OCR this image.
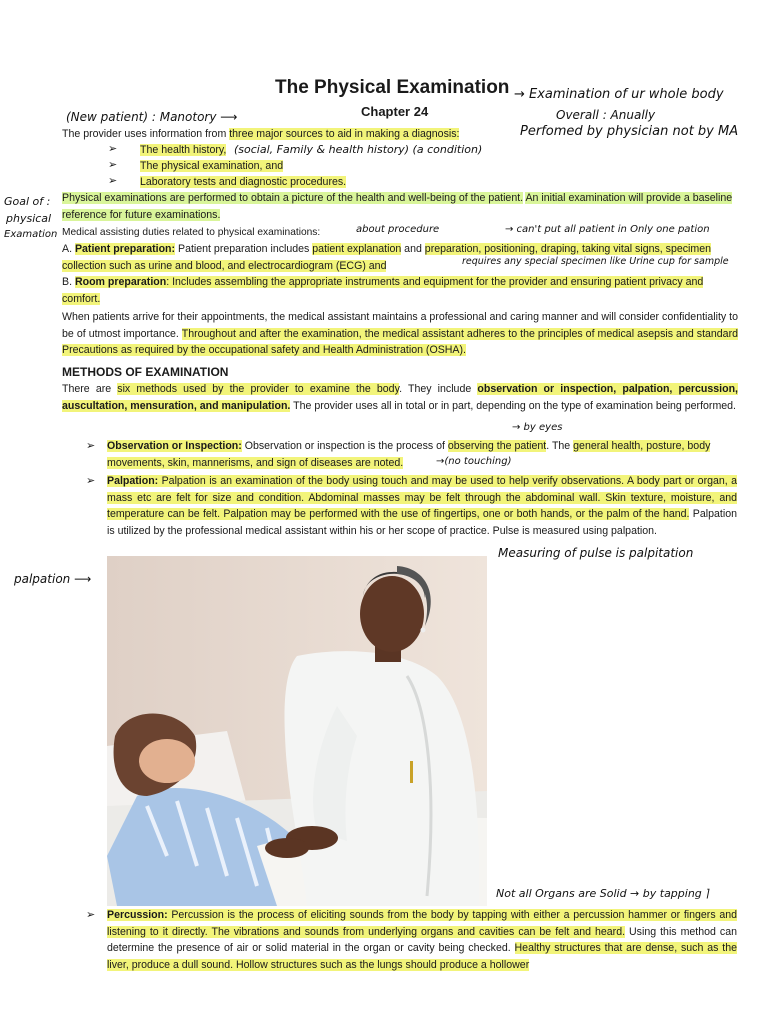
The Physical Examination → Examination of ur whole body
Chapter 24	Overall : Anually
(New patient) : Manotory ⟶
Perfomed by physician not by MA
The provider uses information from three major sources to aid in making a diagnosis:
➢ The health history, (social, Family & health history) (a condition)
➢ The physical examination, and
➢ Laboratory tests and diagnostic procedures.
Goal of :
physical
Examation
Physical examinations are performed to obtain a picture of the health and well-being of the patient. An initial examination will provide a baseline reference for future examinations.
Medical assisting duties related to physical examinations:	about procedure	→ can't put all patient in Only one pation
A. Patient preparation: Patient preparation includes patient explanation and preparation, positioning, draping, taking vital signs, specimen collection such as urine and blood, and electrocardiogram (ECG) and	requires any special specimen like Urine cup for sample
B. Room preparation: Includes assembling the appropriate instruments and equipment for the provider and ensuring patient privacy and comfort.
When patients arrive for their appointments, the medical assistant maintains a professional and caring manner and will consider confidentiality to be of utmost importance. Throughout and after the examination, the medical assistant adheres to the principles of medical asepsis and standard Precautions as required by the occupational safety and Health Administration (OSHA).
METHODS OF EXAMINATION
There are six methods used by the provider to examine the body. They include observation or inspection, palpation, percussion, auscultation, mensuration, and manipulation. The provider uses all in total or in part, depending on the type of examination being performed.
→ by eyes
➢ Observation or Inspection: Observation or inspection is the process of observing the patient. The general health, posture, body movements, skin, mannerisms, and sign of diseases are noted.	→(no touching)
➢ Palpation: Palpation is an examination of the body using touch and may be used to help verify observations. A body part or organ, a mass etc are felt for size and condition. Abdominal masses may be felt through the abdominal wall. Skin texture, moisture, and temperature can be felt. Palpation may be performed with the use of fingertips, one or both hands, or the palm of the hand. Palpation is utilized by the professional medical assistant within his or her scope of practice. Pulse is measured using palpation.
Measuring of pulse is palpitation
palpation ⟶
Not all Organs are Solid → by tapping ⌉
➢ Percussion: Percussion is the process of eliciting sounds from the body by tapping with either a percussion hammer or fingers and listening to it directly. The vibrations and sounds from underlying organs and cavities can be felt and heard. Using this method can determine the presence of air or solid material in the organ or cavity being checked. Healthy structures that are dense, such as the liver, produce a dull sound. Hollow structures such as the lungs should produce a hollower
